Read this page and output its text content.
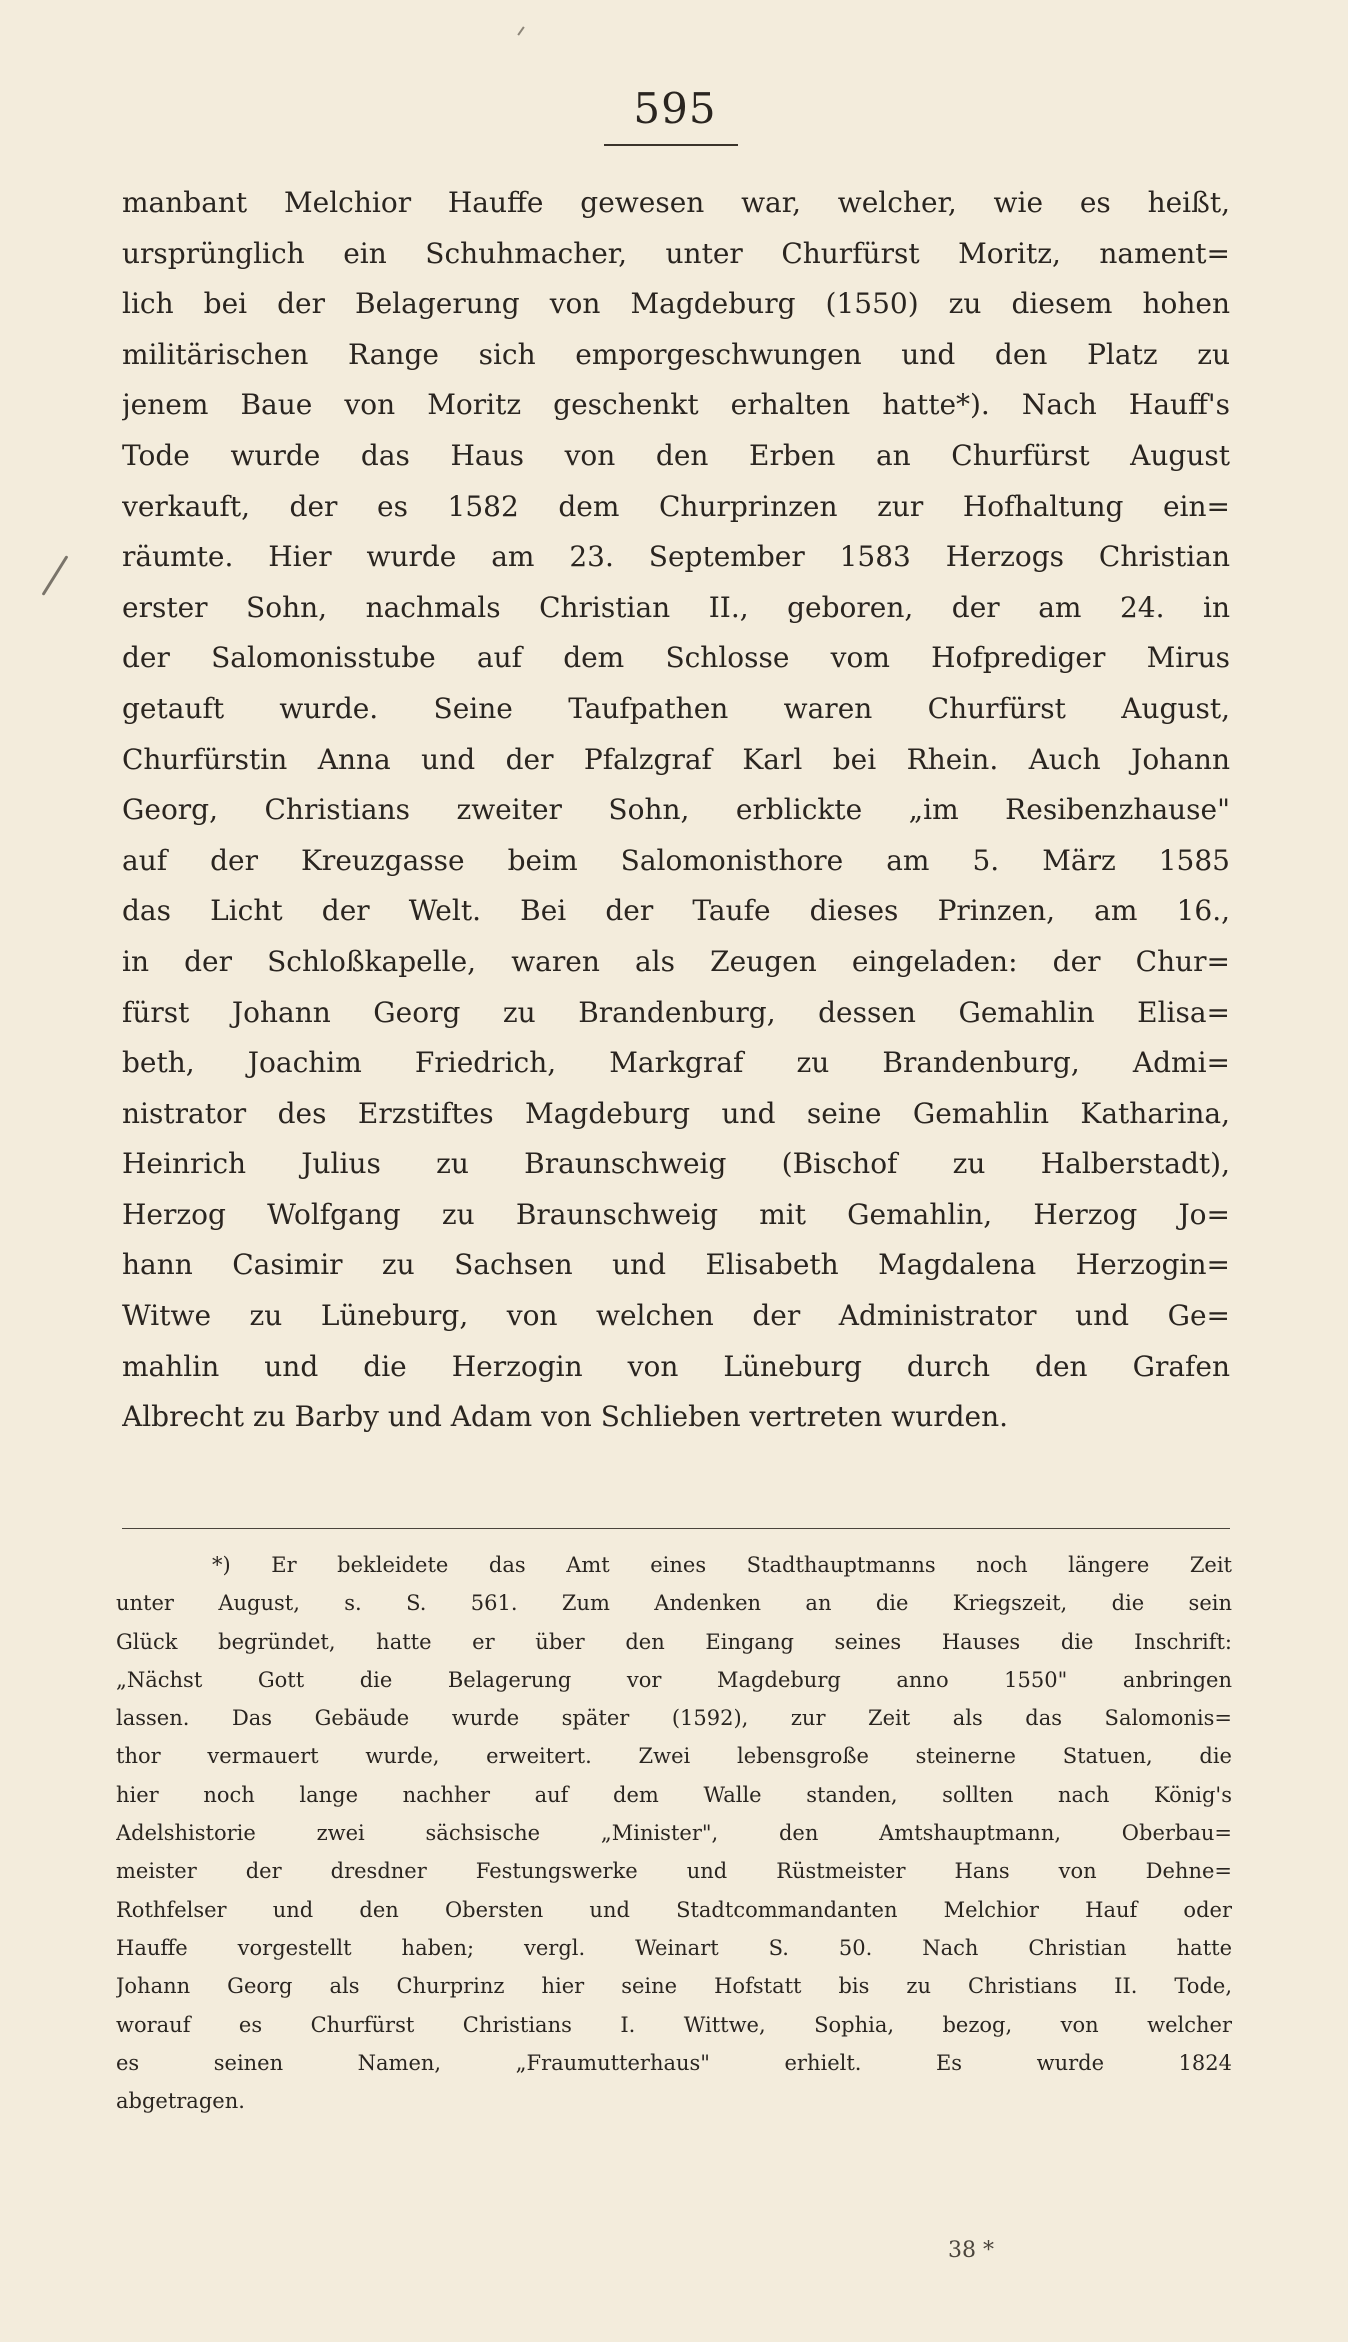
595
manbant Melchior Hauffe gewesen war, welcher, wie es heißt,
ursprünglich ein Schuhmacher, unter Churfürst Moritz, nament=
lich bei der Belagerung von Magdeburg (1550) zu diesem hohen
militärischen Range sich emporgeschwungen und den Platz zu
jenem Baue von Moritz geschenkt erhalten hatte*). Nach Hauff's
Tode wurde das Haus von den Erben an Churfürst August
verkauft, der es 1582 dem Churprinzen zur Hofhaltung ein=
räumte. Hier wurde am 23. September 1583 Herzogs Christian
erster Sohn, nachmals Christian II., geboren, der am 24. in
der Salomonisstube auf dem Schlosse vom Hofprediger Mirus
getauft wurde. Seine Taufpathen waren Churfürst August,
Churfürstin Anna und der Pfalzgraf Karl bei Rhein. Auch Johann
Georg, Christians zweiter Sohn, erblickte „im Resibenzhause"
auf der Kreuzgasse beim Salomonisthore am 5. März 1585
das Licht der Welt. Bei der Taufe dieses Prinzen, am 16.,
in der Schloßkapelle, waren als Zeugen eingeladen: der Chur=
fürst Johann Georg zu Brandenburg, dessen Gemahlin Elisa=
beth, Joachim Friedrich, Markgraf zu Brandenburg, Admi=
nistrator des Erzstiftes Magdeburg und seine Gemahlin Katharina,
Heinrich Julius zu Braunschweig (Bischof zu Halberstadt),
Herzog Wolfgang zu Braunschweig mit Gemahlin, Herzog Jo=
hann Casimir zu Sachsen und Elisabeth Magdalena Herzogin=
Witwe zu Lüneburg, von welchen der Administrator und Ge=
mahlin und die Herzogin von Lüneburg durch den Grafen
Albrecht zu Barby und Adam von Schlieben vertreten wurden.
*) Er bekleidete das Amt eines Stadthauptmanns noch längere Zeit
unter August, s. S. 561. Zum Andenken an die Kriegszeit, die sein
Glück begründet, hatte er über den Eingang seines Hauses die Inschrift:
„Nächst Gott die Belagerung vor Magdeburg anno 1550" anbringen
lassen. Das Gebäude wurde später (1592), zur Zeit als das Salomonis=
thor vermauert wurde, erweitert. Zwei lebensgroße steinerne Statuen, die
hier noch lange nachher auf dem Walle standen, sollten nach König's
Adelshistorie zwei sächsische „Minister", den Amtshauptmann, Oberbau=
meister der dresdner Festungswerke und Rüstmeister Hans von Dehne=
Rothfelser und den Obersten und Stadtcommandanten Melchior Hauf oder
Hauffe vorgestellt haben; vergl. Weinart S. 50. Nach Christian hatte
Johann Georg als Churprinz hier seine Hofstatt bis zu Christians II. Tode,
worauf es Churfürst Christians I. Wittwe, Sophia, bezog, von welcher
es seinen Namen, „Fraumutterhaus" erhielt. Es wurde 1824
abgetragen.
38 *
